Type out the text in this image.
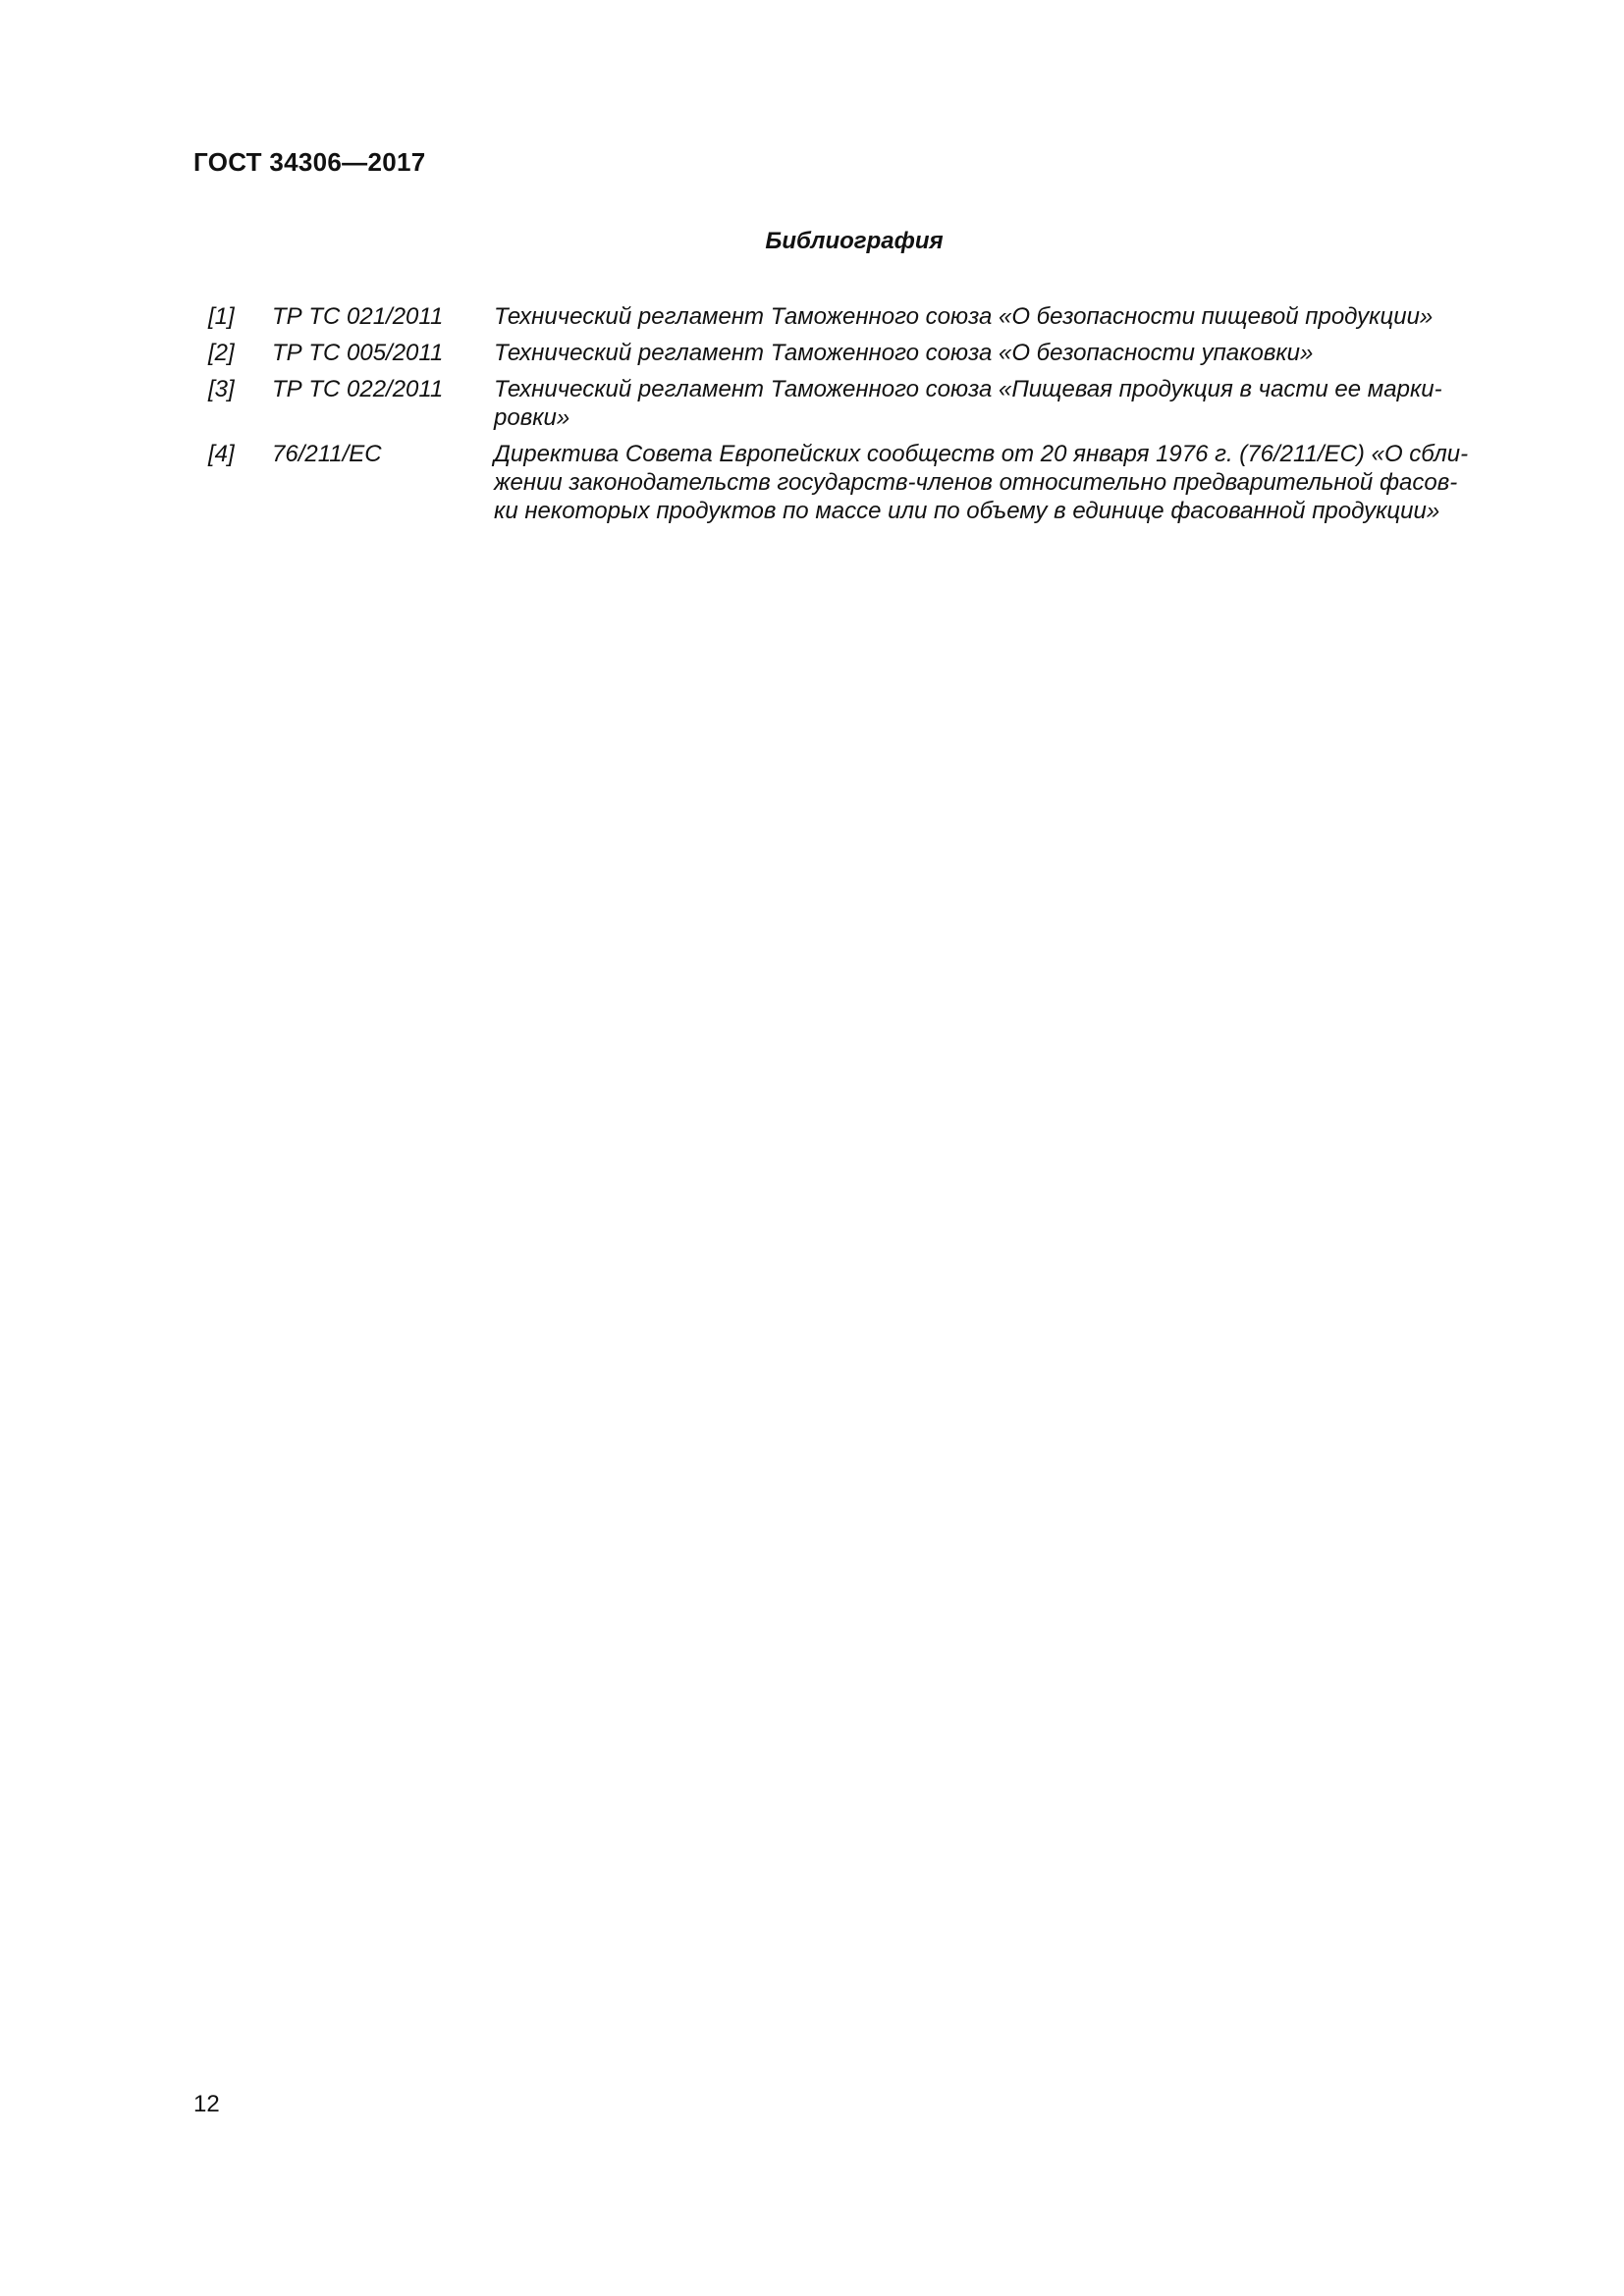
ГОСТ 34306—2017
Библиография
[1]	ТР ТС 021/2011	Технический регламент Таможенного союза «О безопасности пищевой продукции»
[2]	ТР ТС 005/2011	Технический регламент Таможенного союза «О безопасности упаковки»
[3]	ТР ТС 022/2011	Технический регламент Таможенного союза «Пищевая продукция в части ее марки-
ровки»
[4]	76/211/ЕС	Директива Совета Европейских сообществ от 20 января 1976 г. (76/211/ЕС) «О сбли-
жении законодательств государств-членов относительно предварительной фасов-
ки некоторых продуктов по массе или по объему в единице фасованной продукции»
12
